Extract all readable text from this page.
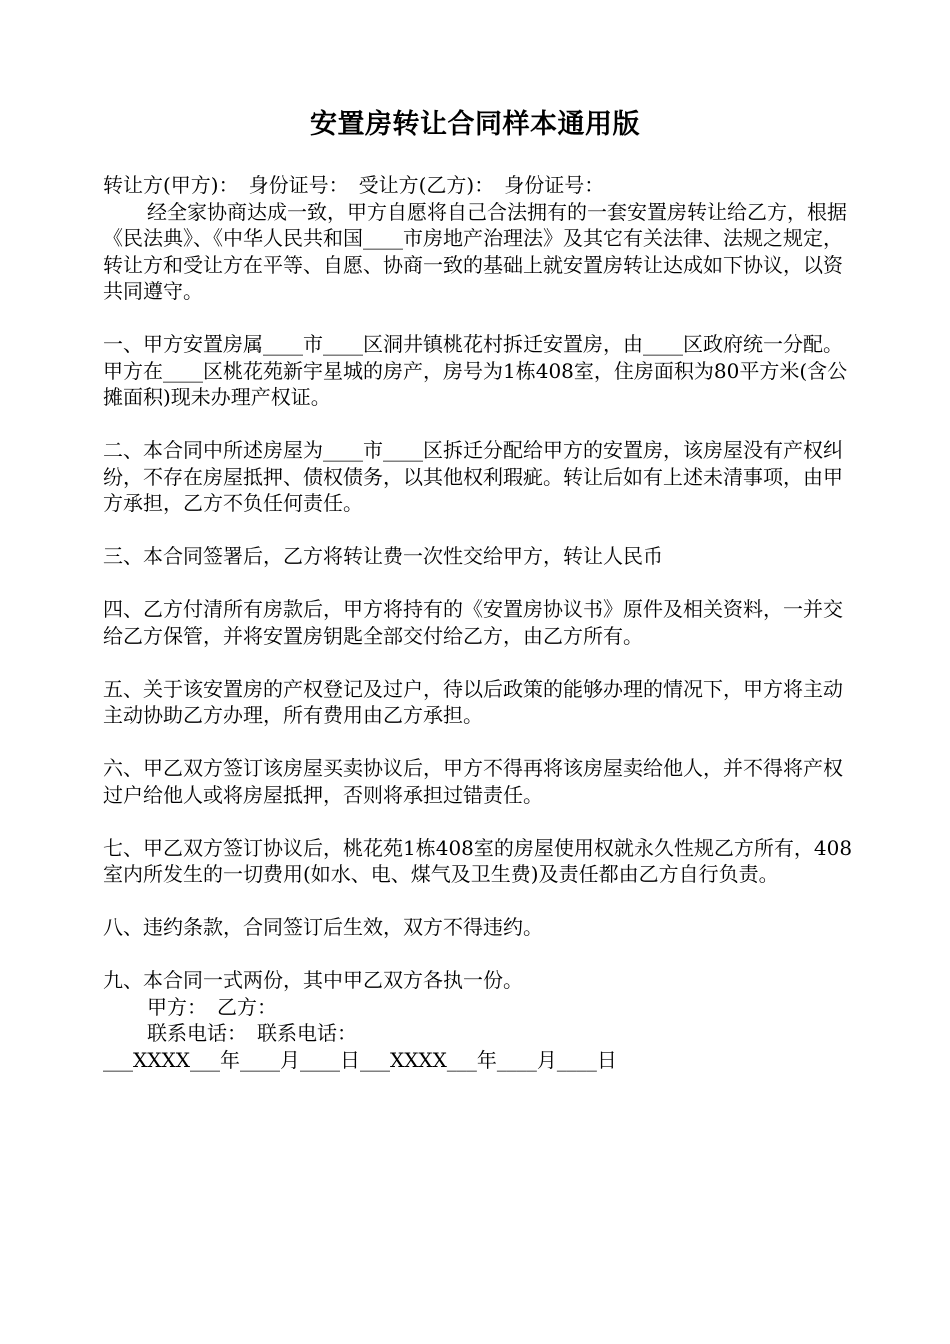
安置房转让合同样本通用版

转让方(甲方)：　身份证号：　受让方(乙方)：　身份证号：

经全家协商达成一致，甲方自愿将自己合法拥有的一套安置房转让给乙方，根据《民法典》、《中华人民共和国____市房地产治理法》及其它有关法律、法规之规定，转让方和受让方在平等、自愿、协商一致的基础上就安置房转让达成如下协议，以资共同遵守。

一、甲方安置房属____市____区洞井镇桃花村拆迁安置房，由____区政府统一分配。甲方在____区桃花苑新宇星城的房产，房号为1栋408室，住房面积为80平方米(含公摊面积)现未办理产权证。

二、本合同中所述房屋为____市____区拆迁分配给甲方的安置房，该房屋没有产权纠纷，不存在房屋抵押、债权债务，以其他权利瑕疵。转让后如有上述未清事项，由甲方承担，乙方不负任何责任。

三、本合同签署后，乙方将转让费一次性交给甲方，转让人民币

四、乙方付清所有房款后，甲方将持有的《安置房协议书》原件及相关资料，一并交给乙方保管，并将安置房钥匙全部交付给乙方，由乙方所有。

五、关于该安置房的产权登记及过户，待以后政策的能够办理的情况下，甲方将主动主动协助乙方办理，所有费用由乙方承担。

六、甲乙双方签订该房屋买卖协议后，甲方不得再将该房屋卖给他人，并不得将产权过户给他人或将房屋抵押，否则将承担过错责任。

七、甲乙双方签订协议后，桃花苑1栋408室的房屋使用权就永久性规乙方所有，408室内所发生的一切费用(如水、电、煤气及卫生费)及责任都由乙方自行负责。

八、违约条款，合同签订后生效，双方不得违约。

九、本合同一式两份，其中甲乙双方各执一份。

甲方：　乙方：

联系电话：　联系电话：

___XXXX___年____月____日___XXXX___年____月____日
